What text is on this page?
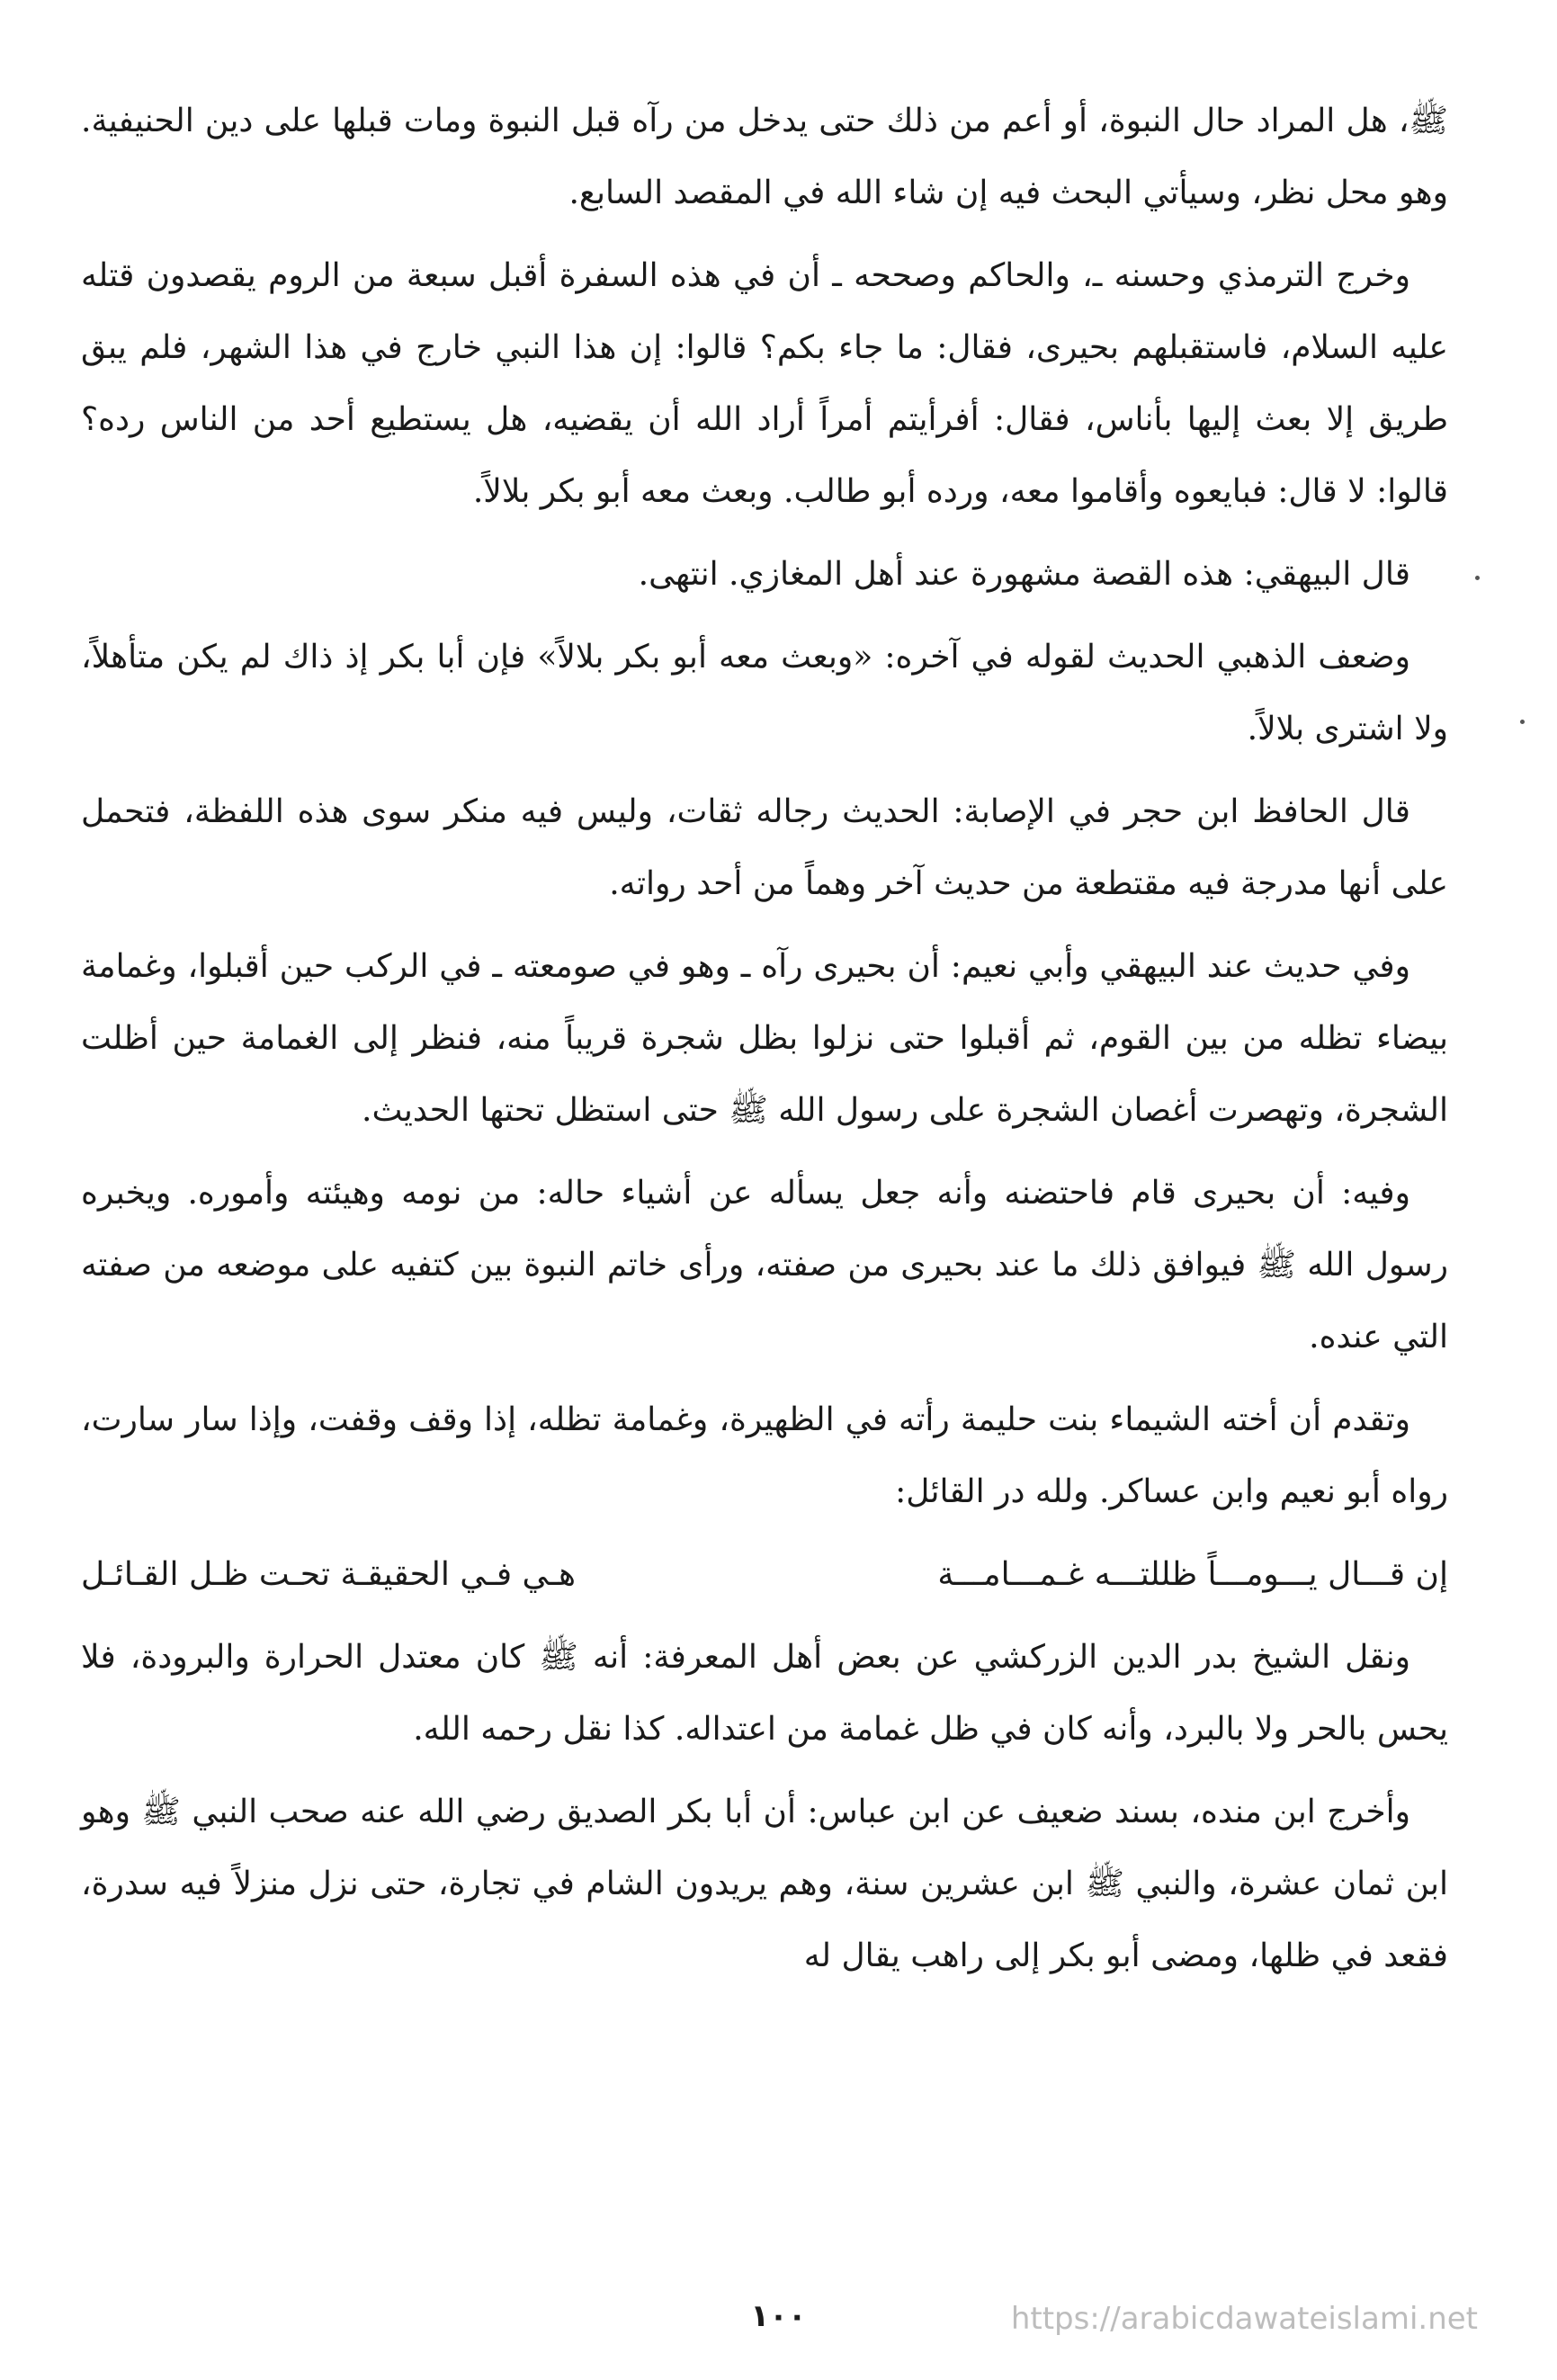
ﷺ، هل المراد حال النبوة، أو أعم من ذلك حتى يدخل من رآه قبل النبوة ومات قبلها على دين الحنيفية. وهو محل نظر، وسيأتي البحث فيه إن شاء الله في المقصد السابع.

وخرج الترمذي وحسنه ـ، والحاكم وصححه ـ أن في هذه السفرة أقبل سبعة من الروم يقصدون قتله عليه السلام، فاستقبلهم بحيرى، فقال: ما جاء بكم؟ قالوا: إن هذا النبي خارج في هذا الشهر، فلم يبق طريق إلا بعث إليها بأناس، فقال: أفرأيتم أمراً أراد الله أن يقضيه، هل يستطيع أحد من الناس رده؟ قالوا: لا قال: فبايعوه وأقاموا معه، ورده أبو طالب. وبعث معه أبو بكر بلالاً.

قال البيهقي: هذه القصة مشهورة عند أهل المغازي. انتهى.

وضعف الذهبي الحديث لقوله في آخره: «وبعث معه أبو بكر بلالاً» فإن أبا بكر إذ ذاك لم يكن متأهلاً، ولا اشترى بلالاً.

قال الحافظ ابن حجر في الإصابة: الحديث رجاله ثقات، وليس فيه منكر سوى هذه اللفظة، فتحمل على أنها مدرجة فيه مقتطعة من حديث آخر وهماً من أحد رواته.

وفي حديث عند البيهقي وأبي نعيم: أن بحيرى رآه ـ وهو في صومعته ـ في الركب حين أقبلوا، وغمامة بيضاء تظله من بين القوم، ثم أقبلوا حتى نزلوا بظل شجرة قريباً منه، فنظر إلى الغمامة حين أظلت الشجرة، وتهصرت أغصان الشجرة على رسول الله ﷺ حتى استظل تحتها الحديث.

وفيه: أن بحيرى قام فاحتضنه وأنه جعل يسأله عن أشياء حاله: من نومه وهيئته وأموره. ويخبره رسول الله ﷺ فيوافق ذلك ما عند بحيرى من صفته، ورأى خاتم النبوة بين كتفيه على موضعه من صفته التي عنده.

وتقدم أن أخته الشيماء بنت حليمة رأته في الظهيرة، وغمامة تظله، إذا وقف وقفت، وإذا سار سارت، رواه أبو نعيم وابن عساكر. ولله در القائل:

إن قـــال يـــومـــاً ظللتـــه غـمـــامـــة
هـي فـي الحقيقـة تحـت ظـل القـائـل

ونقل الشيخ بدر الدين الزركشي عن بعض أهل المعرفة: أنه ﷺ كان معتدل الحرارة والبرودة، فلا يحس بالحر ولا بالبرد، وأنه كان في ظل غمامة من اعتداله. كذا نقل رحمه الله.

وأخرج ابن منده، بسند ضعيف عن ابن عباس: أن أبا بكر الصديق رضي الله عنه صحب النبي ﷺ وهو ابن ثمان عشرة، والنبي ﷺ ابن عشرين سنة، وهم يريدون الشام في تجارة، حتى نزل منزلاً فيه سدرة، فقعد في ظلها، ومضى أبو بكر إلى راهب يقال له

١٠٠	https://arabicdawateislami.net
